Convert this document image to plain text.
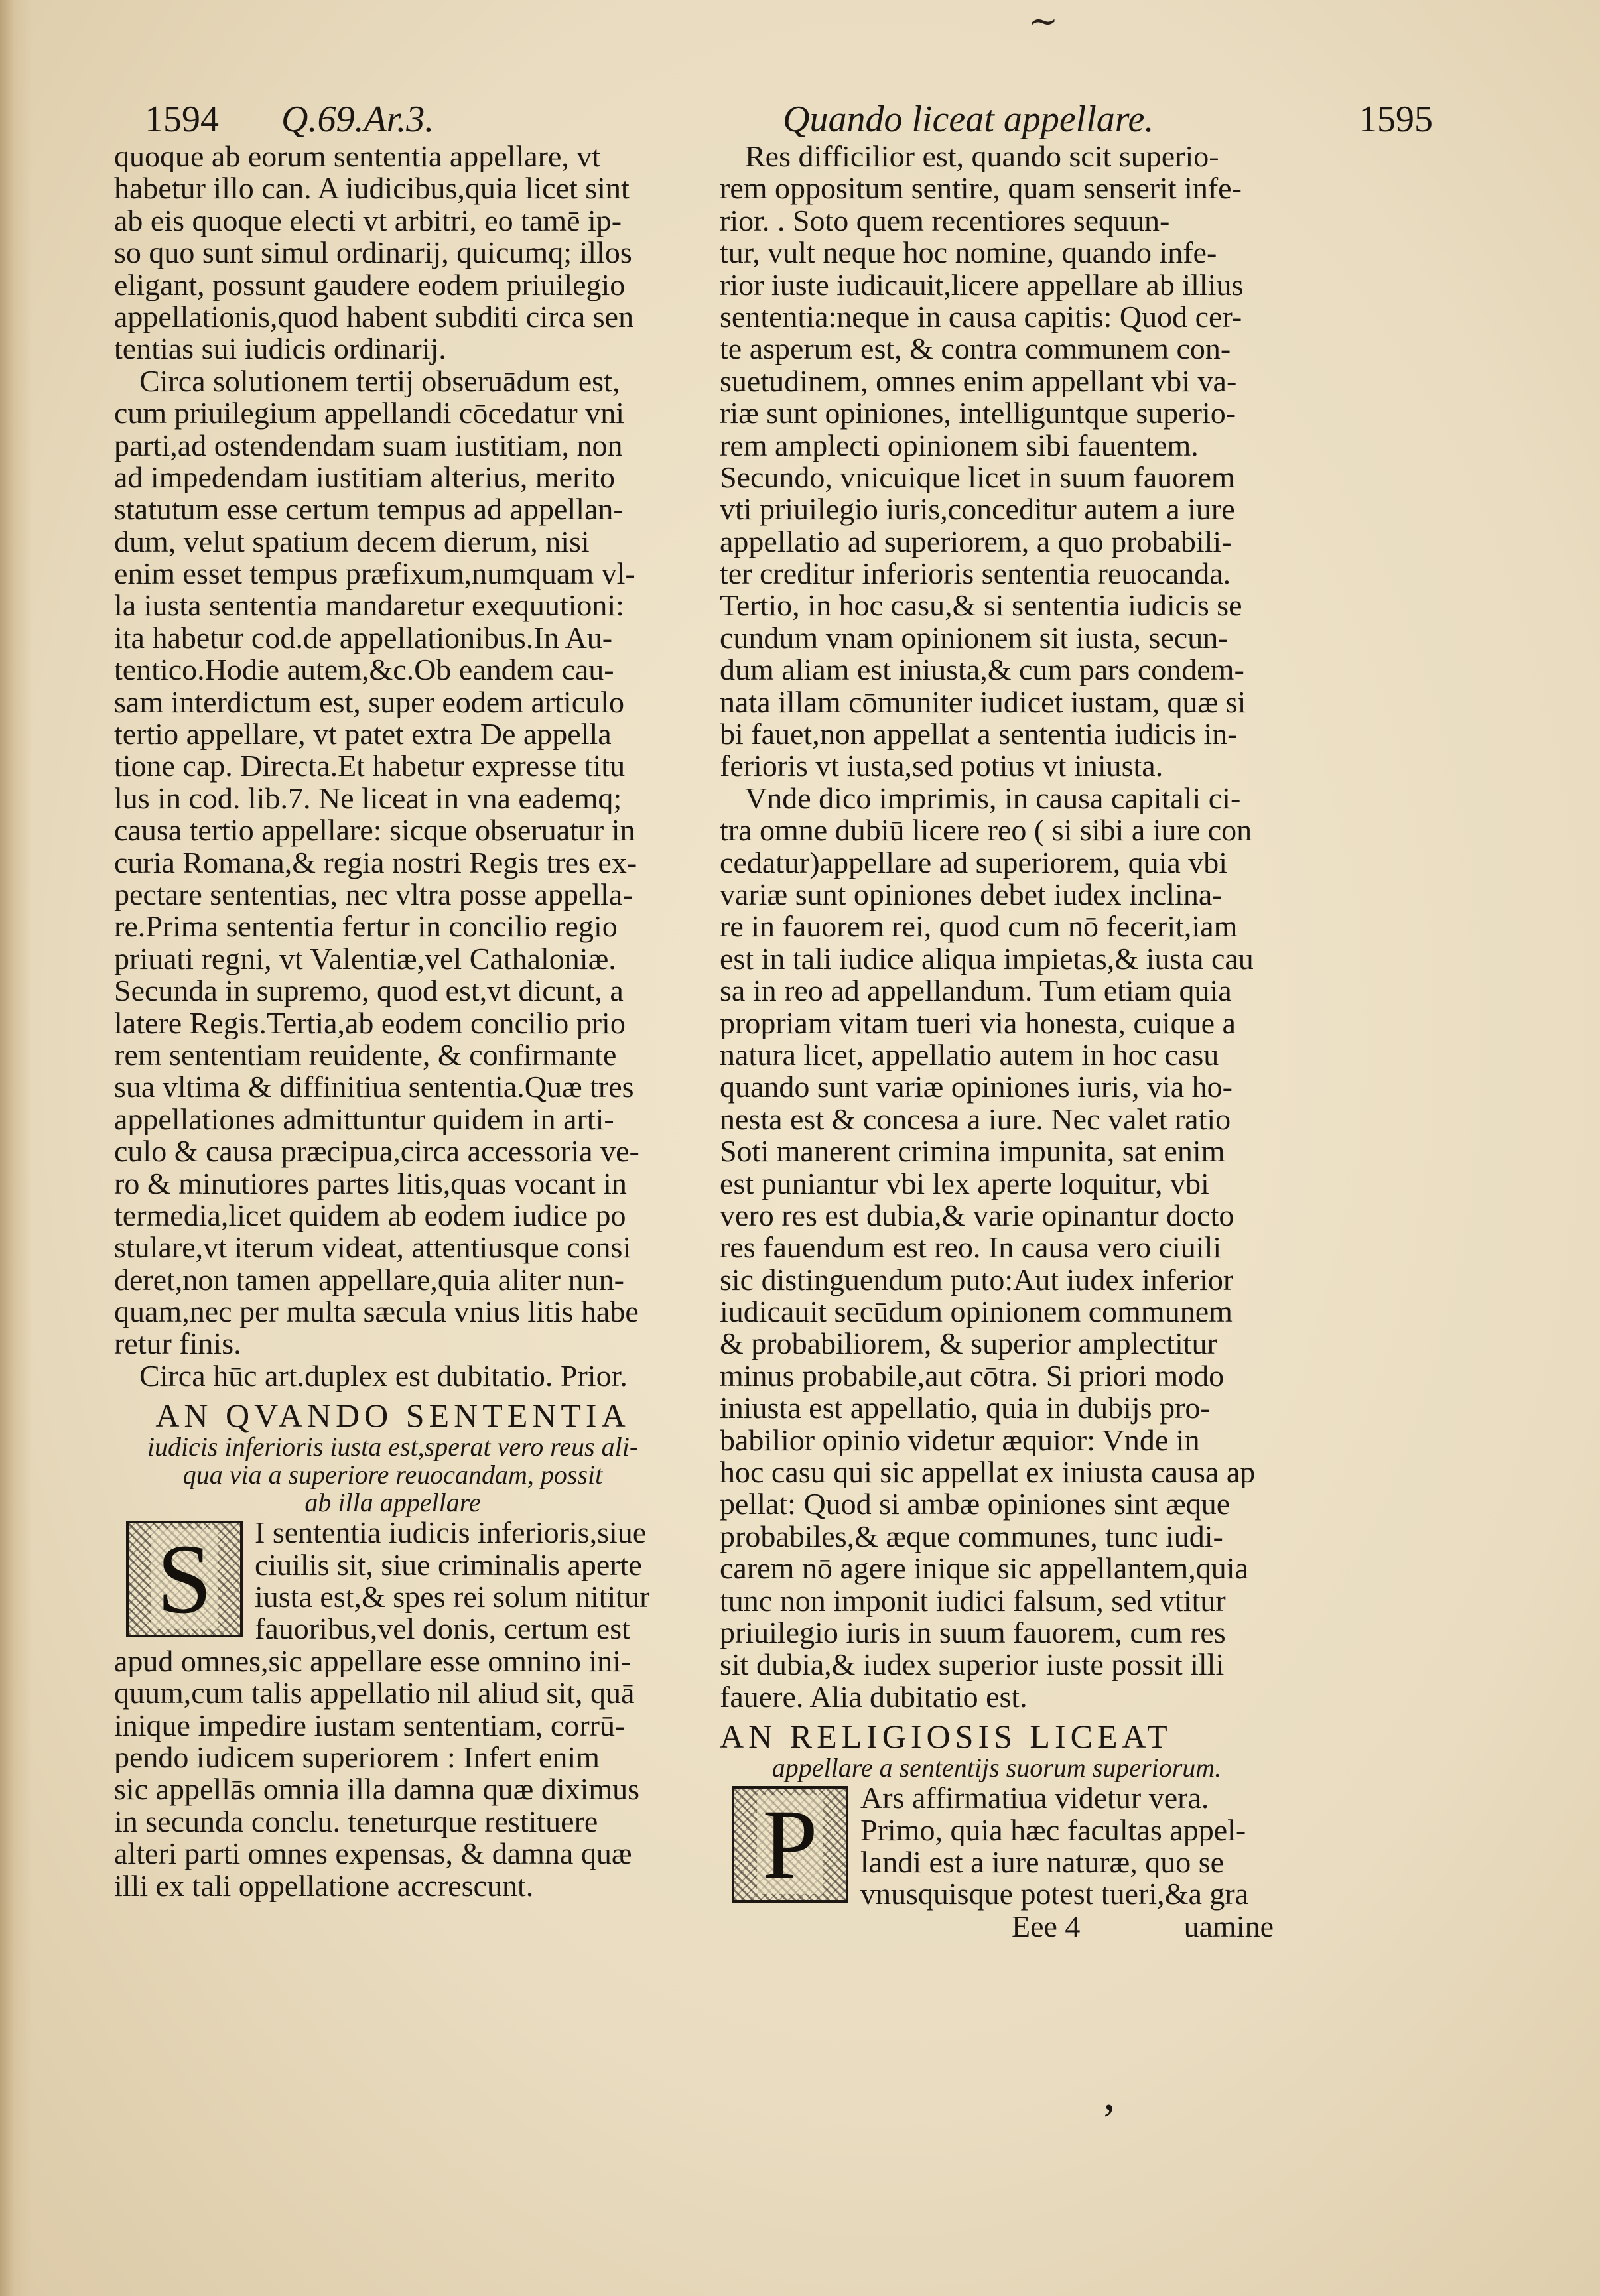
∼
1594 Q.69.Ar.3.	Quando liceat appellare.	1595
quoque ab eorum sententia appellare, vt
habetur illo can. A iudicibus,quia licet sint
ab eis quoque electi vt arbitri, eo tamē ip-
so quo sunt simul ordinarij, quicumq; illos
eligant, possunt gaudere eodem priuilegio
appellationis,quod habent subditi circa sen
tentias sui iudicis ordinarij.
Circa solutionem tertij obseruādum est,
cum priuilegium appellandi cōcedatur vni
parti,ad ostendendam suam iustitiam, non
ad impedendam iustitiam alterius, merito
statutum esse certum tempus ad appellan-
dum, velut spatium decem dierum, nisi
enim esset tempus præfixum,numquam vl-
la iusta sententia mandaretur exequutioni:
ita habetur cod.de appellationibus.In Au-
tentico.Hodie autem,&c.Ob eandem cau-
sam interdictum est, super eodem articulo
tertio appellare, vt patet extra De appella
tione cap. Directa.Et habetur expresse titu
lus in cod. lib.7. Ne liceat in vna eademq;
causa tertio appellare: sicque obseruatur in
curia Romana,& regia nostri Regis tres ex-
pectare sententias, nec vltra posse appella-
re.Prima sententia fertur in concilio regio
priuati regni, vt Valentiæ,vel Cathaloniæ.
Secunda in supremo, quod est,vt dicunt, a
latere Regis.Tertia,ab eodem concilio prio
rem sententiam reuidente, & confirmante
sua vltima & diffinitiua sententia.Quæ tres
appellationes admittuntur quidem in arti-
culo & causa præcipua,circa accessoria ve-
ro & minutiores partes litis,quas vocant in
termedia,licet quidem ab eodem iudice po
stulare,vt iterum videat, attentiusque consi
deret,non tamen appellare,quia aliter nun-
quam,nec per multa sæcula vnius litis habe
retur finis.
Circa hūc art.duplex est dubitatio. Prior.
AN QVANDO SENTENTIA
iudicis inferioris iusta est,sperat vero reus ali-
qua via a superiore reuocandam, possit
ab illa appellare
S I sententia iudicis inferioris,siue
ciuilis sit, siue criminalis aperte
iusta est,& spes rei solum nititur
fauoribus,vel donis, certum est
apud omnes,sic appellare esse omnino ini-
quum,cum talis appellatio nil aliud sit, quā
inique impedire iustam sententiam, corrū-
pendo iudicem superiorem : Infert enim
sic appellās omnia illa damna quæ diximus
in secunda conclu. teneturque restituere
alteri parti omnes expensas, & damna quæ
illi ex tali oppellatione accrescunt.
Res difficilior est, quando scit superio-
rem oppositum sentire, quam senserit infe-
rior. . Soto quem recentiores sequun-
tur, vult neque hoc nomine, quando infe-
rior iuste iudicauit,licere appellare ab illius
sententia:neque in causa capitis: Quod cer-
te asperum est, & contra communem con-
suetudinem, omnes enim appellant vbi va-
riæ sunt opiniones, intelliguntque superio-
rem amplecti opinionem sibi fauentem.
Secundo, vnicuique licet in suum fauorem
vti priuilegio iuris,conceditur autem a iure
appellatio ad superiorem, a quo probabili-
ter creditur inferioris sententia reuocanda.
Tertio, in hoc casu,& si sententia iudicis se
cundum vnam opinionem sit iusta, secun-
dum aliam est iniusta,& cum pars condem-
nata illam cōmuniter iudicet iustam, quæ si
bi fauet,non appellat a sententia iudicis in-
ferioris vt iusta,sed potius vt iniusta.
Vnde dico imprimis, in causa capitali ci-
tra omne dubiū licere reo ( si sibi a iure con
cedatur)appellare ad superiorem, quia vbi
variæ sunt opiniones debet iudex inclina-
re in fauorem rei, quod cum nō fecerit,iam
est in tali iudice aliqua impietas,& iusta cau
sa in reo ad appellandum. Tum etiam quia
propriam vitam tueri via honesta, cuique a
natura licet, appellatio autem in hoc casu
quando sunt variæ opiniones iuris, via ho-
nesta est & concesa a iure. Nec valet ratio
Soti manerent crimina impunita, sat enim
est puniantur vbi lex aperte loquitur, vbi
vero res est dubia,& varie opinantur docto
res fauendum est reo. In causa vero ciuili
sic distinguendum puto:Aut iudex inferior
iudicauit secūdum opinionem communem
& probabiliorem, & superior amplectitur
minus probabile,aut cōtra. Si priori modo
iniusta est appellatio, quia in dubijs pro-
babilior opinio videtur æquior: Vnde in
hoc casu qui sic appellat ex iniusta causa ap
pellat: Quod si ambæ opiniones sint æque
probabiles,& æque communes, tunc iudi-
carem nō agere inique sic appellantem,quia
tunc non imponit iudici falsum, sed vtitur
priuilegio iuris in suum fauorem, cum res
sit dubia,& iudex superior iuste possit illi
fauere. Alia dubitatio est.
AN RELIGIOSIS LICEAT
appellare a sententijs suorum superiorum.
P Ars affirmatiua videtur vera.
Primo, quia hæc facultas appel-
landi est a iure naturæ, quo se
vnusquisque potest tueri,&a gra
Eee 4	uamine
’
